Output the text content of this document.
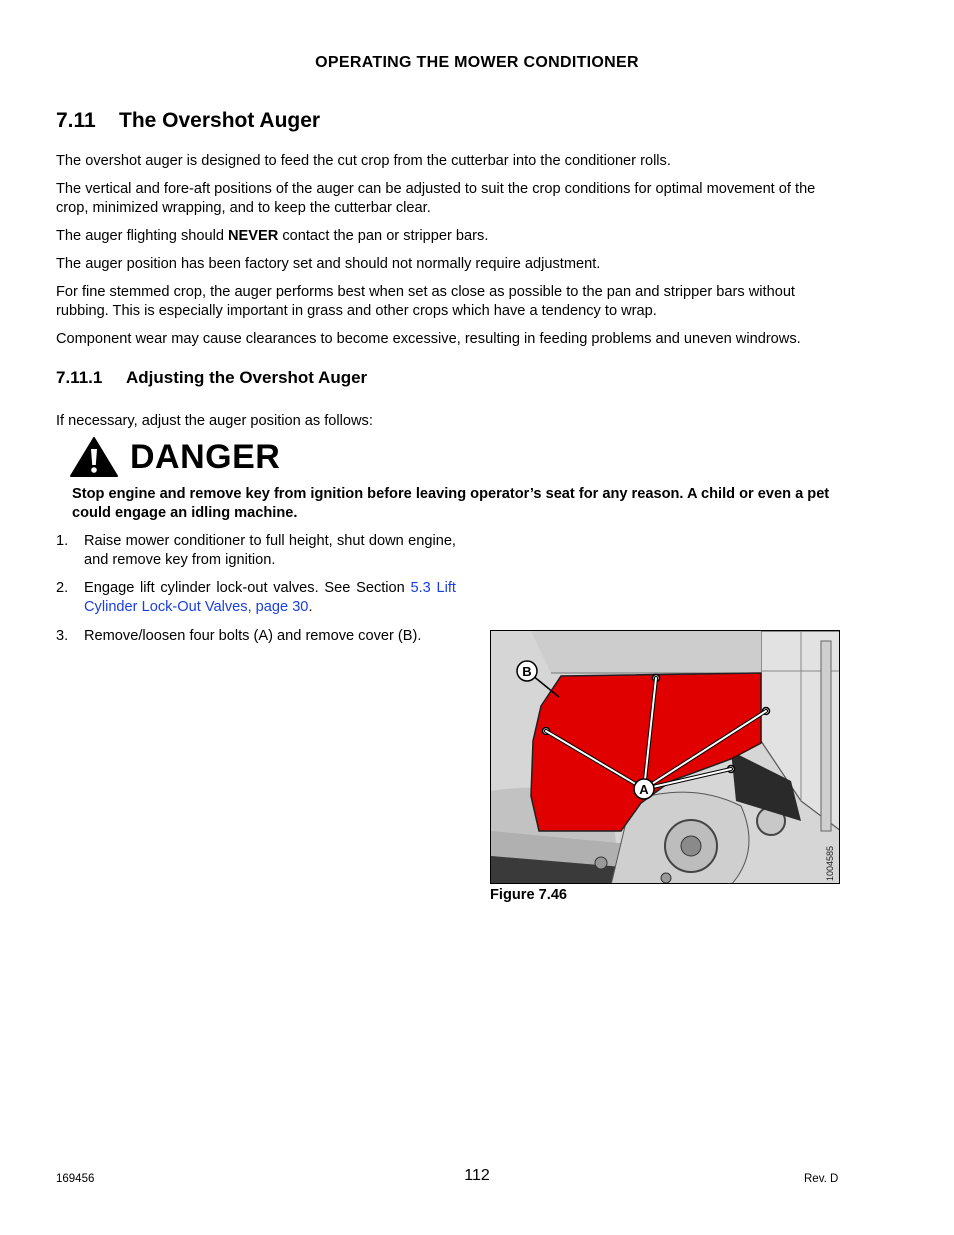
OPERATING THE MOWER CONDITIONER
7.11 The Overshot Auger
The overshot auger is designed to feed the cut crop from the cutterbar into the conditioner rolls.
The vertical and fore-aft positions of the auger can be adjusted to suit the crop conditions for optimal movement of the crop, minimized wrapping, and to keep the cutterbar clear.
The auger flighting should NEVER contact the pan or stripper bars.
The auger position has been factory set and should not normally require adjustment.
For fine stemmed crop, the auger performs best when set as close as possible to the pan and stripper bars without rubbing. This is especially important in grass and other crops which have a tendency to wrap.
Component wear may cause clearances to become excessive, resulting in feeding problems and uneven windrows.
7.11.1 Adjusting the Overshot Auger
If necessary, adjust the auger position as follows:
DANGER
Stop engine and remove key from ignition before leaving operator’s seat for any reason. A child or even a pet could engage an idling machine.
1. Raise mower conditioner to full height, shut down engine, and remove key from ignition.
2. Engage lift cylinder lock-out valves. See Section 5.3 Lift Cylinder Lock-Out Valves, page 30.
3. Remove/loosen four bolts (A) and remove cover (B).
B
A
1004585
Figure 7.46
169456	112	Rev. D
